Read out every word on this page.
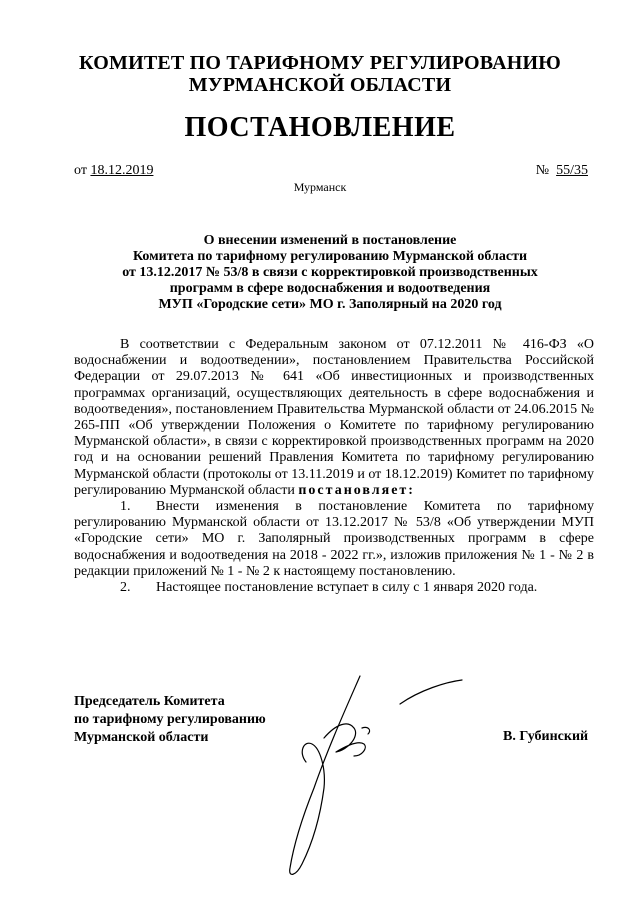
КОМИТЕТ ПО ТАРИФНОМУ РЕГУЛИРОВАНИЮ
МУРМАНСКОЙ ОБЛАСТИ
ПОСТАНОВЛЕНИЕ
от 18.12.2019	№ 55/35
Мурманск
О внесении изменений в постановление
Комитета по тарифному регулированию Мурманской области
от 13.12.2017 № 53/8 в связи с корректировкой производственных
программ в сфере водоснабжения и водоотведения
МУП «Городские сети» МО г. Заполярный на 2020 год

В соответствии с Федеральным законом от 07.12.2011 № 416-ФЗ «О водоснабжении и водоотведении», постановлением Правительства Российской Федерации от 29.07.2013 № 641 «Об инвестиционных и производственных программах организаций, осуществляющих деятельность в сфере водоснабжения и водоотведения», постановлением Правительства Мурманской области от 24.06.2015 № 265-ПП «Об утверждении Положения о Комитете по тарифному регулированию Мурманской области», в связи с корректировкой производственных программ на 2020 год и на основании решений Правления Комитета по тарифному регулированию Мурманской области (протоколы от 13.11.2019 и от 18.12.2019) Комитет по тарифному регулированию Мурманской области постановляет:

1. Внести изменения в постановление Комитета по тарифному регулированию Мурманской области от 13.12.2017 № 53/8 «Об утверждении МУП «Городские сети» МО г. Заполярный производственных программ в сфере водоснабжения и водоотведения на 2018 - 2022 гг.», изложив приложения № 1 - № 2 в редакции приложений № 1 - № 2 к настоящему постановлению.

2. Настоящее постановление вступает в силу с 1 января 2020 года.

Председатель Комитета
по тарифному регулированию
Мурманской области	В. Губинский
